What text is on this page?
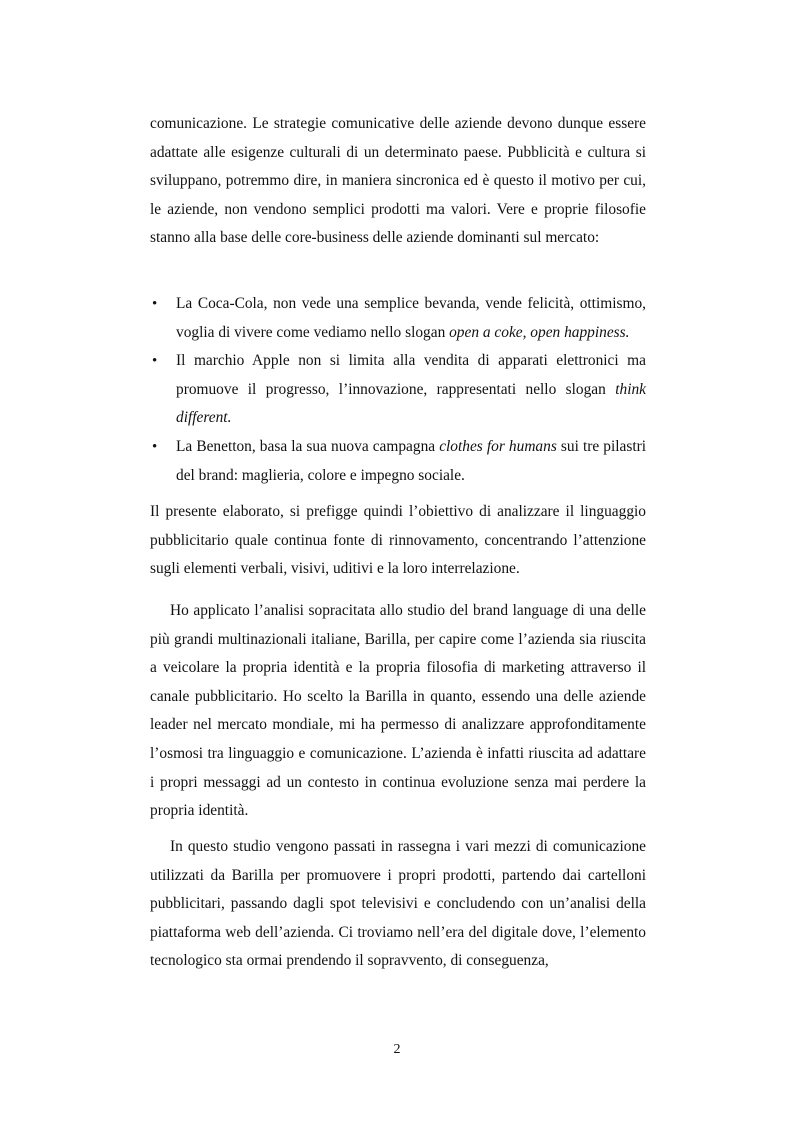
comunicazione. Le strategie comunicative delle aziende devono dunque essere adattate alle esigenze culturali di un determinato paese. Pubblicità e cultura si sviluppano, potremmo dire, in maniera sincronica ed è questo il motivo per cui, le aziende, non vendono semplici prodotti ma valori. Vere e proprie filosofie stanno alla base delle core-business delle aziende dominanti sul mercato:

• La Coca-Cola, non vede una semplice bevanda, vende felicità, ottimismo, voglia di vivere come vediamo nello slogan open a coke, open happiness.
• Il marchio Apple non si limita alla vendita di apparati elettronici ma promuove il progresso, l’innovazione, rappresentati nello slogan think different.
• La Benetton, basa la sua nuova campagna clothes for humans sui tre pilastri del brand: maglieria, colore e impegno sociale.

Il presente elaborato, si prefigge quindi l’obiettivo di analizzare il linguaggio pubblicitario quale continua fonte di rinnovamento, concentrando l’attenzione sugli elementi verbali, visivi, uditivi e la loro interrelazione.

Ho applicato l’analisi sopracitata allo studio del brand language di una delle più grandi multinazionali italiane, Barilla, per capire come l’azienda sia riuscita a veicolare la propria identità e la propria filosofia di marketing attraverso il canale pubblicitario. Ho scelto la Barilla in quanto, essendo una delle aziende leader nel mercato mondiale, mi ha permesso di analizzare approfonditamente l’osmosi tra linguaggio e comunicazione. L’azienda è infatti riuscita ad adattare i propri messaggi ad un contesto in continua evoluzione senza mai perdere la propria identità.

In questo studio vengono passati in rassegna i vari mezzi di comunicazione utilizzati da Barilla per promuovere i propri prodotti, partendo dai cartelloni pubblicitari, passando dagli spot televisivi e concludendo con un’analisi della piattaforma web dell’azienda. Ci troviamo nell’era del digitale dove, l’elemento tecnologico sta ormai prendendo il sopravvento, di conseguenza,

2
